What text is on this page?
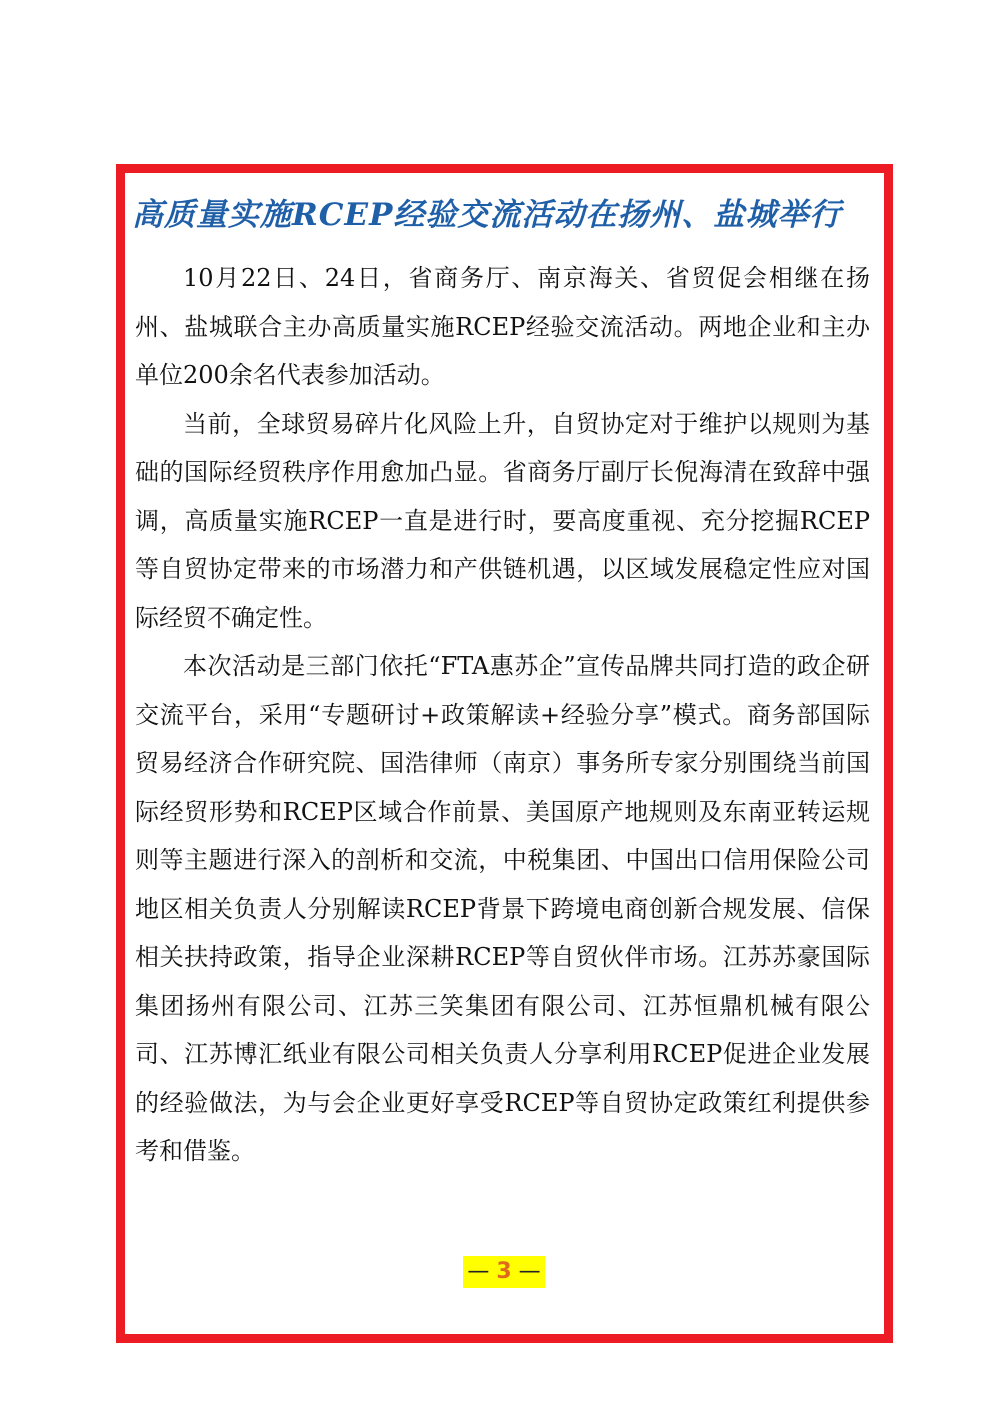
高质量实施RCEP经验交流活动在扬州、盐城举行

10月22日、24日，省商务厅、南京海关、省贸促会相继在扬州、盐城联合主办高质量实施RCEP经验交流活动。两地企业和主办单位200余名代表参加活动。

当前，全球贸易碎片化风险上升，自贸协定对于维护以规则为基础的国际经贸秩序作用愈加凸显。省商务厅副厅长倪海清在致辞中强调，高质量实施RCEP一直是进行时，要高度重视、充分挖掘RCEP等自贸协定带来的市场潜力和产供链机遇，以区域发展稳定性应对国际经贸不确定性。

本次活动是三部门依托“FTA惠苏企”宣传品牌共同打造的政企研交流平台，采用“专题研讨+政策解读+经验分享”模式。商务部国际贸易经济合作研究院、国浩律师（南京）事务所专家分别围绕当前国际经贸形势和RCEP区域合作前景、美国原产地规则及东南亚转运规则等主题进行深入的剖析和交流，中税集团、中国出口信用保险公司地区相关负责人分别解读RCEP背景下跨境电商创新合规发展、信保相关扶持政策，指导企业深耕RCEP等自贸伙伴市场。江苏苏豪国际集团扬州有限公司、江苏三笑集团有限公司、江苏恒鼎机械有限公司、江苏博汇纸业有限公司相关负责人分享利用RCEP促进企业发展的经验做法，为与会企业更好享受RCEP等自贸协定政策红利提供参考和借鉴。

— 3 —
